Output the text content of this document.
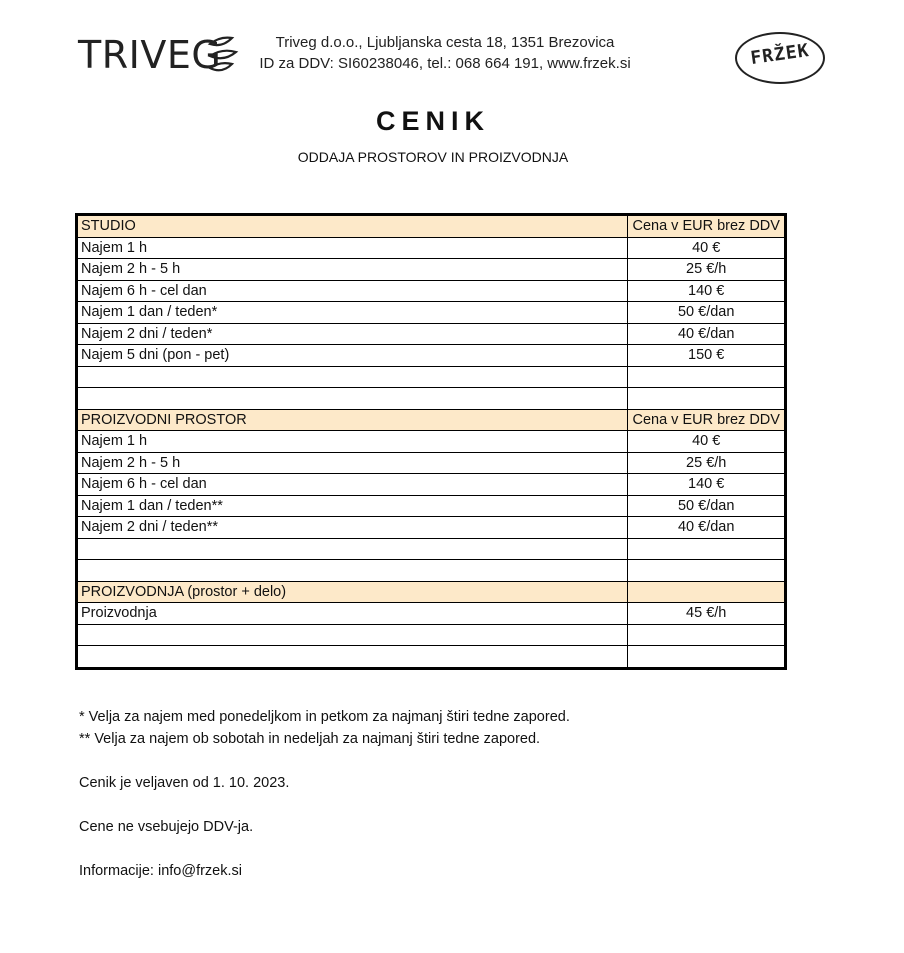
TRIVEG	Triveg d.o.o., Ljubljanska cesta 18, 1351 Brezovica
ID za DDV: SI60238046, tel.: 068 664 191, www.frzek.si	FRŽEK
CENIK
ODDAJA PROSTOROV IN PROIZVODNJA
STUDIO	Cena v EUR brez DDV
Najem 1 h	40 €
Najem 2 h - 5 h	25 €/h
Najem 6 h - cel dan	140 €
Najem 1 dan / teden*	50 €/dan
Najem 2 dni / teden*	40 €/dan
Najem 5 dni (pon - pet)	150 €

PROIZVODNI PROSTOR	Cena v EUR brez DDV
Najem 1 h	40 €
Najem 2 h - 5 h	25 €/h
Najem 6 h - cel dan	140 €
Najem 1 dan / teden**	50 €/dan
Najem 2 dni / teden**	40 €/dan

PROIZVODNJA (prostor + delo)	
Proizvodnja	45 €/h

* Velja za najem med ponedeljkom in petkom za najmanj štiri tedne zapored.

** Velja za najem ob sobotah in nedeljah za najmanj štiri tedne zapored.

Cenik je veljaven od 1. 10. 2023.

Cene ne vsebujejo DDV-ja.

Informacije: info@frzek.si
